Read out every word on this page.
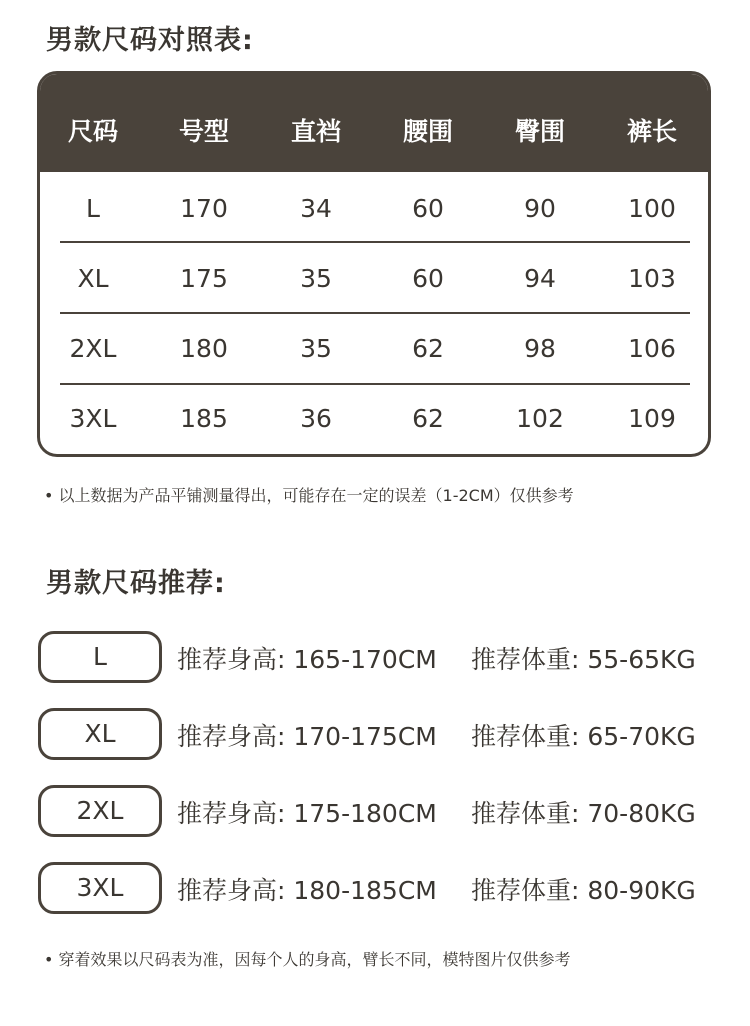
男款尺码对照表:
尺码	号型	直裆	腰围	臀围	裤长
L	170	34	60	90	100
XL	175	35	60	94	103
2XL	180	35	62	98	106
3XL	185	36	62	102	109
• 以上数据为产品平铺测量得出，可能存在一定的误差（1-2CM）仅供参考
男款尺码推荐:
L	推荐身高: 165-170CM 推荐体重: 55-65KG
XL	推荐身高: 170-175CM 推荐体重: 65-70KG
2XL	推荐身高: 175-180CM 推荐体重: 70-80KG
3XL	推荐身高: 180-185CM 推荐体重: 80-90KG
• 穿着效果以尺码表为准，因每个人的身高，臂长不同，模特图片仅供参考
